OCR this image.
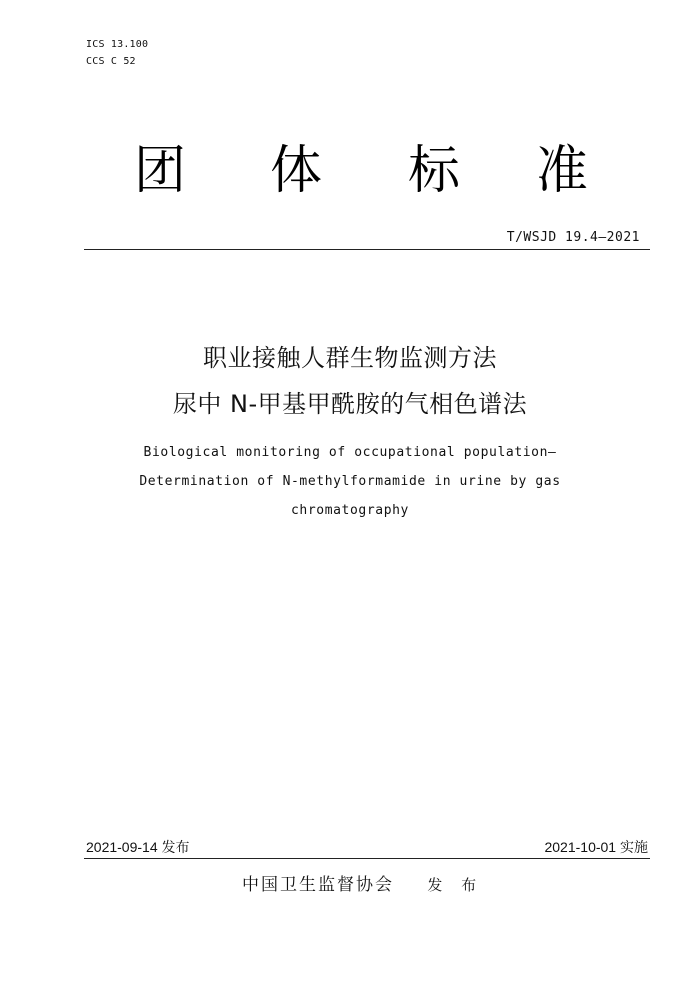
ICS 13.100
CCS C 52
团 体 标 准
T/WSJD 19.4—2021
职业接触人群生物监测方法
尿中 N-甲基甲酰胺的气相色谱法
Biological monitoring of occupational population—
Determination of N-methylformamide in urine by gas
chromatography
2021-09-14 发布	2021-10-01 实施
中国卫生监督协会 发 布
